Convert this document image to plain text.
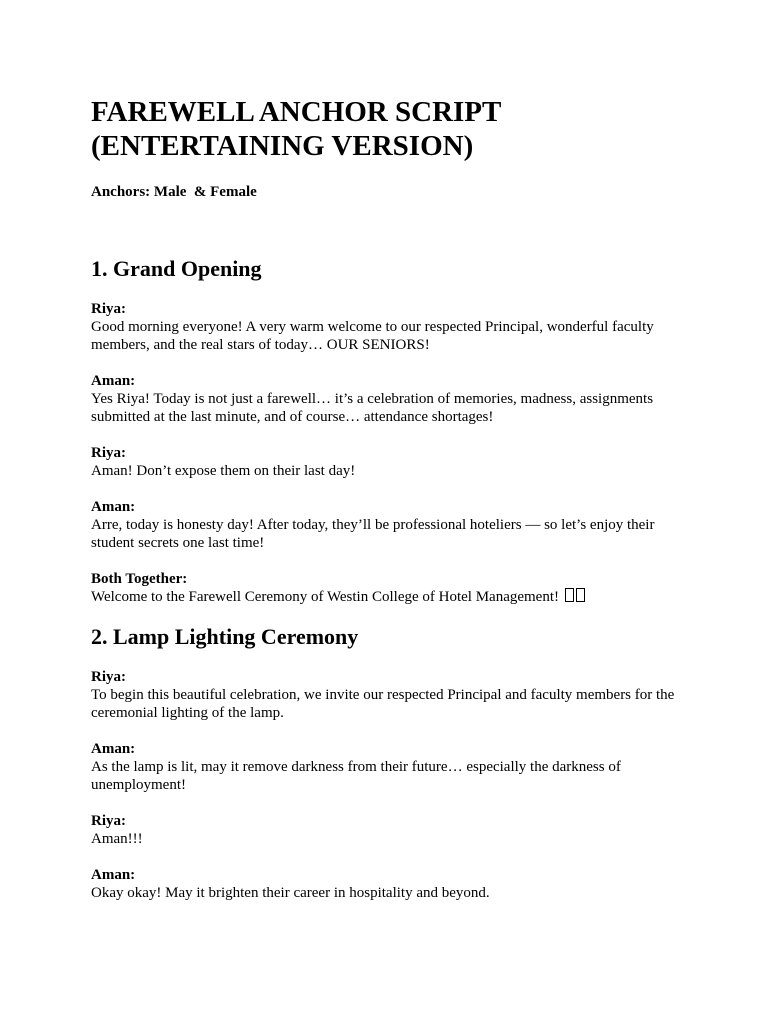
FAREWELL ANCHOR SCRIPT
(ENTERTAINING VERSION)

Anchors: Male  & Female

1. Grand Opening

Riya:

Good morning everyone! A very warm welcome to our respected Principal, wonderful faculty members, and the real stars of today… OUR SENIORS!

Aman:

Yes Riya! Today is not just a farewell… it’s a celebration of memories, madness, assignments submitted at the last minute, and of course… attendance shortages!

Riya:

Aman! Don’t expose them on their last day!

Aman:

Arre, today is honesty day! After today, they’ll be professional hoteliers — so let’s enjoy their student secrets one last time!

Both Together:

Welcome to the Farewell Ceremony of Westin College of Hotel Management!

2. Lamp Lighting Ceremony

Riya:

To begin this beautiful celebration, we invite our respected Principal and faculty members for the ceremonial lighting of the lamp.

Aman:

As the lamp is lit, may it remove darkness from their future… especially the darkness of unemployment!

Riya:

Aman!!!

Aman:

Okay okay! May it brighten their career in hospitality and beyond.
